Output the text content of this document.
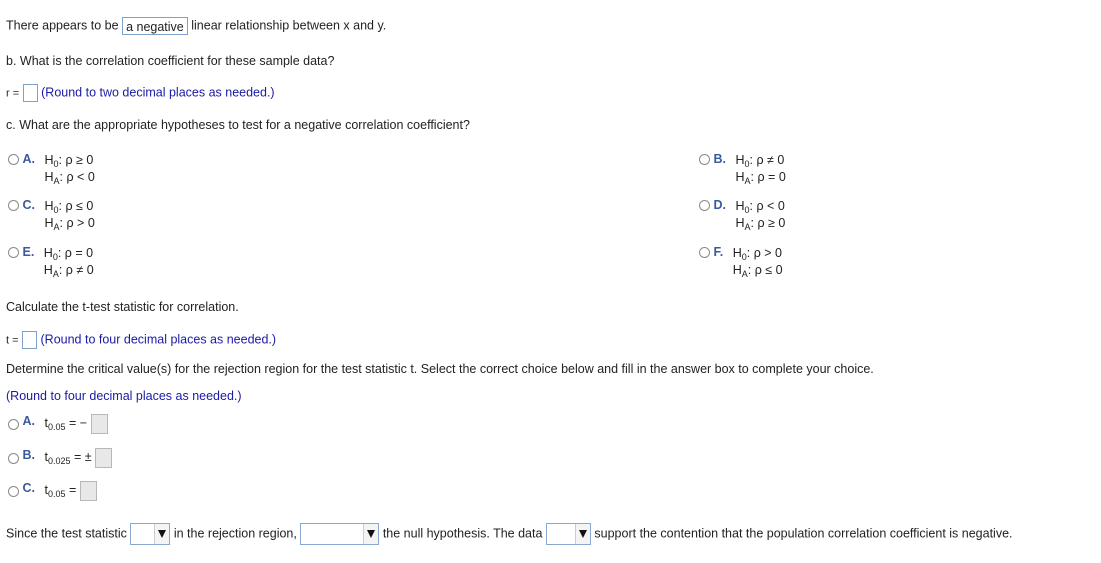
There appears to be a negative linear relationship between x and y.
b. What is the correlation coefficient for these sample data?
r = (Round to two decimal places as needed.)
c. What are the appropriate hypotheses to test for a negative correlation coefficient?
A. $H_0$: ρ ≥ 0
$H_A$: ρ < 0
B. $H_0$: ρ ≠ 0
$H_A$: ρ = 0
C. $H_0$: ρ ≤ 0
$H_A$: ρ > 0
D. $H_0$: ρ < 0
$H_A$: ρ ≥ 0
E. $H_0$: ρ = 0
$H_A$: ρ ≠ 0
F. $H_0$: ρ > 0
$H_A$: ρ ≤ 0
Calculate the t-test statistic for correlation.
t = (Round to four decimal places as needed.)
Determine the critical value(s) for the rejection region for the test statistic t. Select the correct choice below and fill in the answer box to complete your choice.
(Round to four decimal places as needed.)
A. $t_{0.05}$ = −
B. $t_{0.025}$ = ±
C. $t_{0.05}$ =
Since the test statistic	in the rejection region,	the null hypothesis. The data	support the contention that the population correlation coefficient is negative.
